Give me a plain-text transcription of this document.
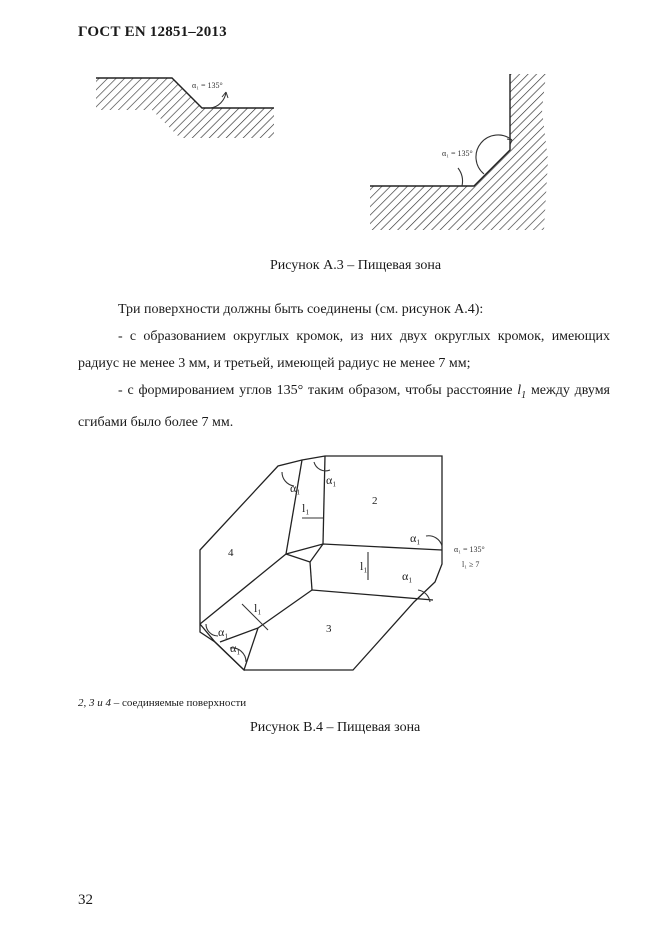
ГОСТ EN 12851–2013
α₁ = 135°
α₁ = 135°
Рисунок А.3 – Пищевая зона
Три поверхности должны быть соединены (см. рисунок А.4):
- с образованием округлых кромок, из них двух округлых кромок, имеющих радиус не менее 3 мм, и третьей, имеющей радиус не менее 7 мм;
- с формированием углов 135° таким образом, чтобы расстояние $l_1$ между двумя сгибами было более 7 мм.
2
4
3
α₁
α₁
α₁
α₁
α₁
α₁
l₁
l₁
l₁
α₁ = 135°
l₁ ≥ 7
2, 3 и 4 – соединяемые поверхности
Рисунок В.4 – Пищевая зона
32
